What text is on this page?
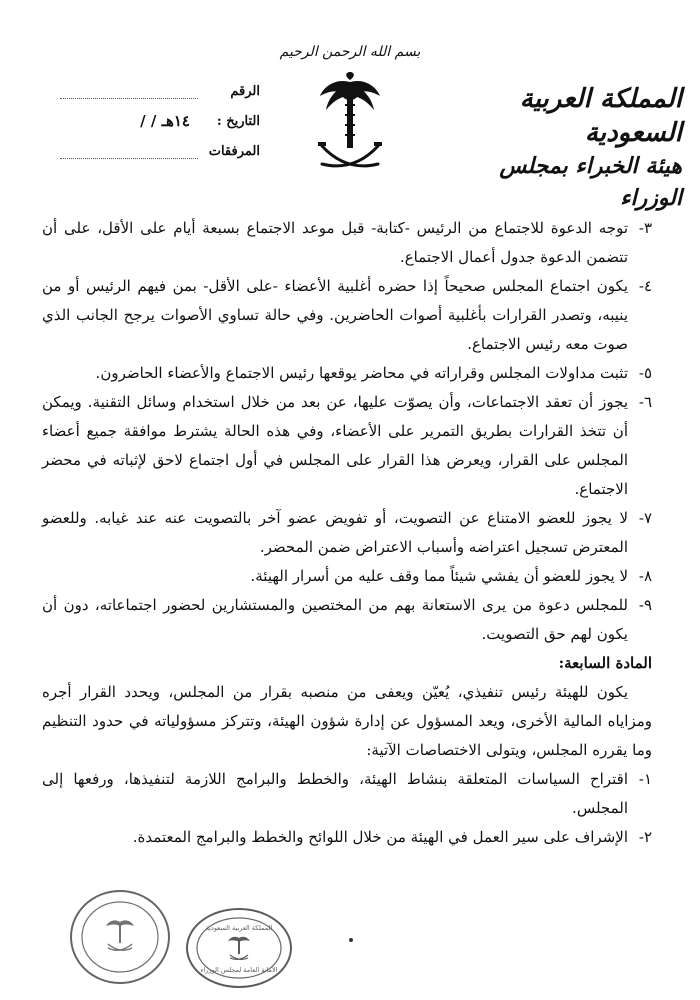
بسم الله الرحمن الرحيم
المملكة العربية السعودية
هيئة الخبراء بمجلس الوزراء
الرقم
التاريخ :
/ / ١٤هـ
المرفقات

٣-
توجه الدعوة للاجتماع من الرئيس -كتابة- قبل موعد الاجتماع بسبعة أيام على الأقل، على أن تتضمن الدعوة جدول أعمال الاجتماع.

٤-
يكون اجتماع المجلس صحيحاً إذا حضره أغلبية الأعضاء -على الأقل- بمن فيهم الرئيس أو من ينيبه، وتصدر القرارات بأغلبية أصوات الحاضرين. وفي حالة تساوي الأصوات يرجح الجانب الذي صوت معه رئيس الاجتماع.

٥-
تثبت مداولات المجلس وقراراته في محاضر يوقعها رئيس الاجتماع والأعضاء الحاضرون.

٦-
يجوز أن تعقد الاجتماعات، وأن يصوّت عليها، عن بعد من خلال استخدام وسائل التقنية. ويمكن أن تتخذ القرارات بطريق التمرير على الأعضاء، وفي هذه الحالة يشترط موافقة جميع أعضاء المجلس على القرار، ويعرض هذا القرار على المجلس في أول اجتماع لاحق لإثباته في محضر الاجتماع.

٧-
لا يجوز للعضو الامتناع عن التصويت، أو تفويض عضو آخر بالتصويت عنه عند غيابه. وللعضو المعترض تسجيل اعتراضه وأسباب الاعتراض ضمن المحضر.

٨-
لا يجوز للعضو أن يفشي شيئاً مما وقف عليه من أسرار الهيئة.

٩-
للمجلس دعوة من يرى الاستعانة بهم من المختصين والمستشارين لحضور اجتماعاته، دون أن يكون لهم حق التصويت.

المادة السابعة:

يكون للهيئة رئيس تنفيذي، يُعيّن ويعفى من منصبه بقرار من المجلس، ويحدد القرار أجره ومزاياه المالية الأخرى، ويعد المسؤول عن إدارة شؤون الهيئة، وتتركز مسؤولياته في حدود التنظيم وما يقرره المجلس، ويتولى الاختصاصات الآتية:

١-
اقتراح السياسات المتعلقة بنشاط الهيئة، والخطط والبرامج اللازمة لتنفيذها، ورفعها إلى المجلس.

٢-
الإشراف على سير العمل في الهيئة من خلال اللوائح والخطط والبرامج المعتمدة.

المملكة العربية السعودية
الأمانة العامة لمجلس الوزراء
